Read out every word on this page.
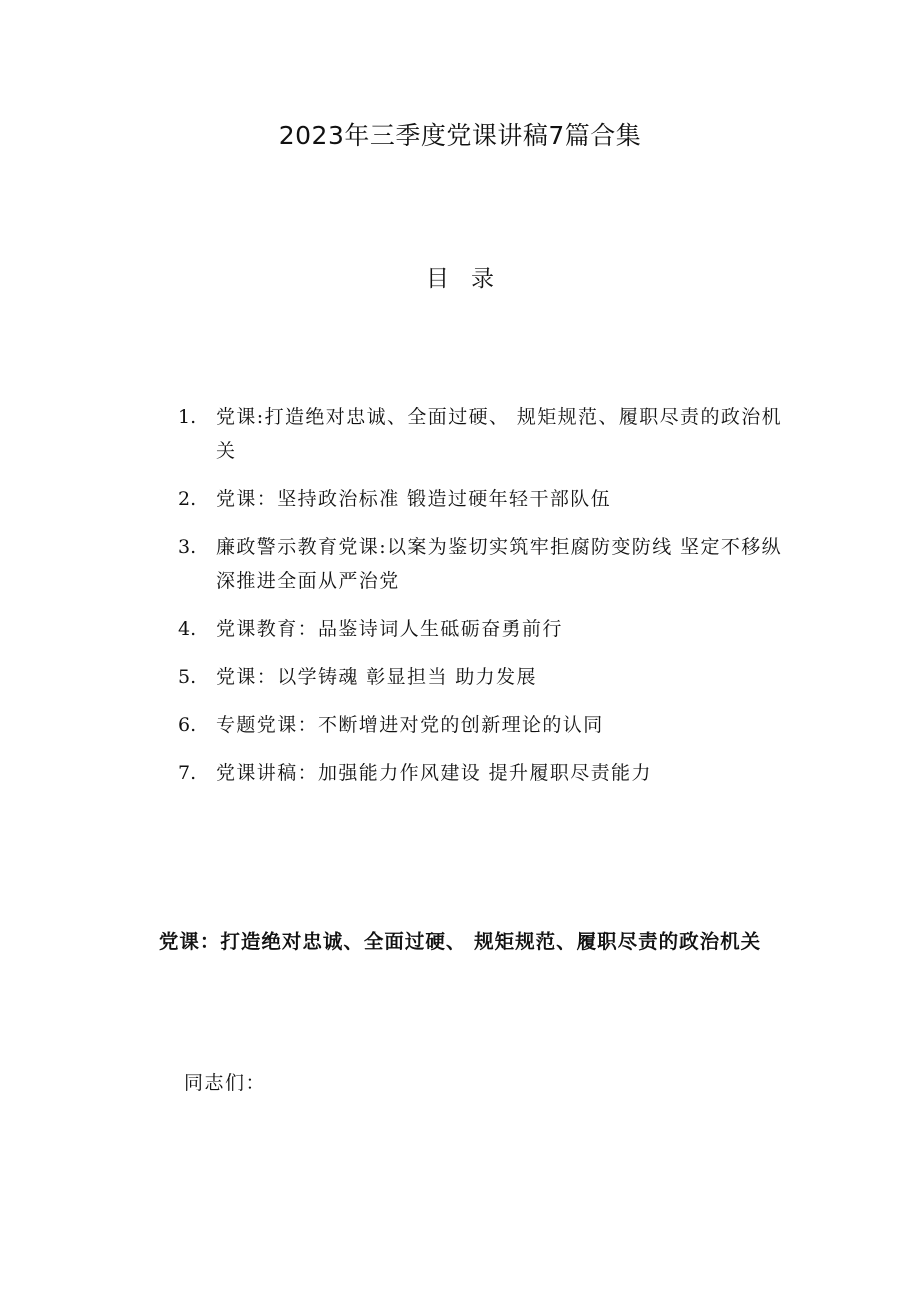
2023年三季度党课讲稿7篇合集
目录
1.	党课:打造绝对忠诚、全面过硬、 规矩规范、履职尽责的政治机关
2.	党课：坚持政治标准 锻造过硬年轻干部队伍
3.	廉政警示教育党课:以案为鉴切实筑牢拒腐防变防线 坚定不移纵深推进全面从严治党
4.	党课教育：品鉴诗词人生砥砺奋勇前行
5.	党课：以学铸魂 彰显担当 助力发展
6.	专题党课：不断增进对党的创新理论的认同
7.	党课讲稿：加强能力作风建设 提升履职尽责能力
党课：打造绝对忠诚、全面过硬、 规矩规范、履职尽责的政治机关
同志们：
